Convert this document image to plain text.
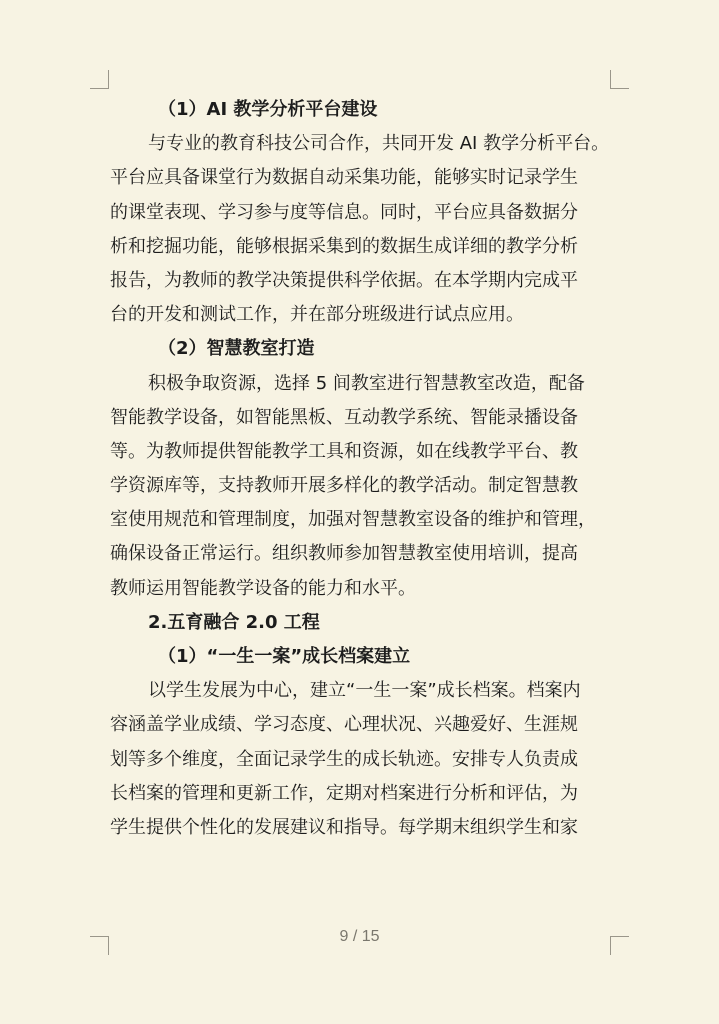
（1）AI 教学分析平台建设
与专业的教育科技公司合作，共同开发 AI 教学分析平台。
平台应具备课堂行为数据自动采集功能，能够实时记录学生
的课堂表现、学习参与度等信息。同时，平台应具备数据分
析和挖掘功能，能够根据采集到的数据生成详细的教学分析
报告，为教师的教学决策提供科学依据。在本学期内完成平
台的开发和测试工作，并在部分班级进行试点应用。
（2）智慧教室打造
积极争取资源，选择 5 间教室进行智慧教室改造，配备
智能教学设备，如智能黑板、互动教学系统、智能录播设备
等。为教师提供智能教学工具和资源，如在线教学平台、教
学资源库等，支持教师开展多样化的教学活动。制定智慧教
室使用规范和管理制度，加强对智慧教室设备的维护和管理，
确保设备正常运行。组织教师参加智慧教室使用培训，提高
教师运用智能教学设备的能力和水平。
2.五育融合 2.0 工程
（1）“一生一案”成长档案建立
以学生发展为中心，建立“一生一案”成长档案。档案内
容涵盖学业成绩、学习态度、心理状况、兴趣爱好、生涯规
划等多个维度，全面记录学生的成长轨迹。安排专人负责成
长档案的管理和更新工作，定期对档案进行分析和评估，为
学生提供个性化的发展建议和指导。每学期末组织学生和家
9 / 15
